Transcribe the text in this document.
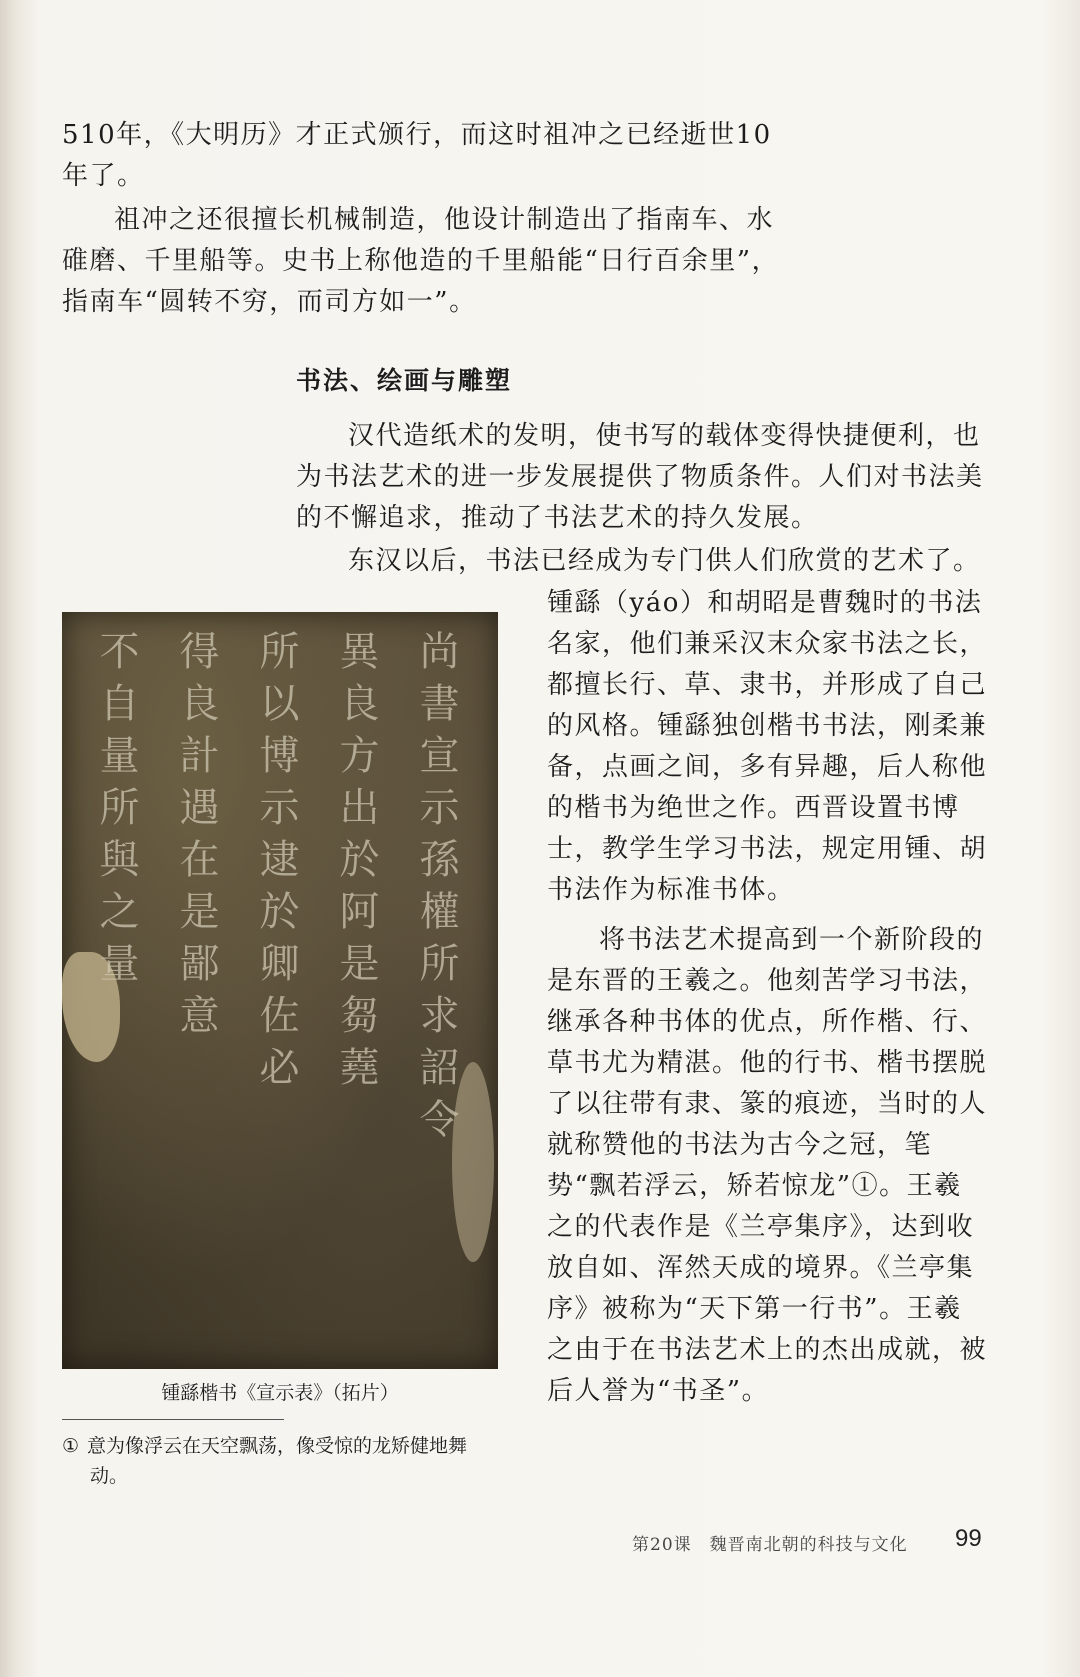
510年，《大明历》才正式颁行，而这时祖冲之已经逝世10年了。

祖冲之还很擅长机械制造，他设计制造出了指南车、水碓磨、千里船等。史书上称他造的千里船能“日行百余里”，指南车“圆转不穷，而司方如一”。

书法、绘画与雕塑

汉代造纸术的发明，使书写的载体变得快捷便利，也为书法艺术的进一步发展提供了物质条件。人们对书法美的不懈追求，推动了书法艺术的持久发展。

东汉以后，书法已经成为专门供人们欣赏的艺术了。

锺繇（yáo）和胡昭是曹魏时的书法名家，他们兼采汉末众家书法之长，都擅长行、草、隶书，并形成了自己的风格。锺繇独创楷书书法，刚柔兼备，点画之间，多有异趣，后人称他的楷书为绝世之作。西晋设置书博士，教学生学习书法，规定用锺、胡书法作为标准书体。

将书法艺术提高到一个新阶段的是东晋的王羲之。他刻苦学习书法，继承各种书体的优点，所作楷、行、草书尤为精湛。他的行书、楷书摆脱了以往带有隶、篆的痕迹，当时的人就称赞他的书法为古今之冠，笔势“飘若浮云，矫若惊龙”①。王羲之的代表作是《兰亭集序》，达到收放自如、浑然天成的境界。《兰亭集序》被称为“天下第一行书”。王羲之由于在书法艺术上的杰出成就，被后人誉为“书圣”。

尚書宣示孫權所求詔令
異良方出於阿是芻蕘
所以博示逮於卿佐必
得良計遇在是鄙意
不自量所與之量

锺繇楷书《宣示表》（拓片）

① 意为像浮云在天空飘荡，像受惊的龙矫健地舞
动。

第20课　魏晋南北朝的科技与文化 99
